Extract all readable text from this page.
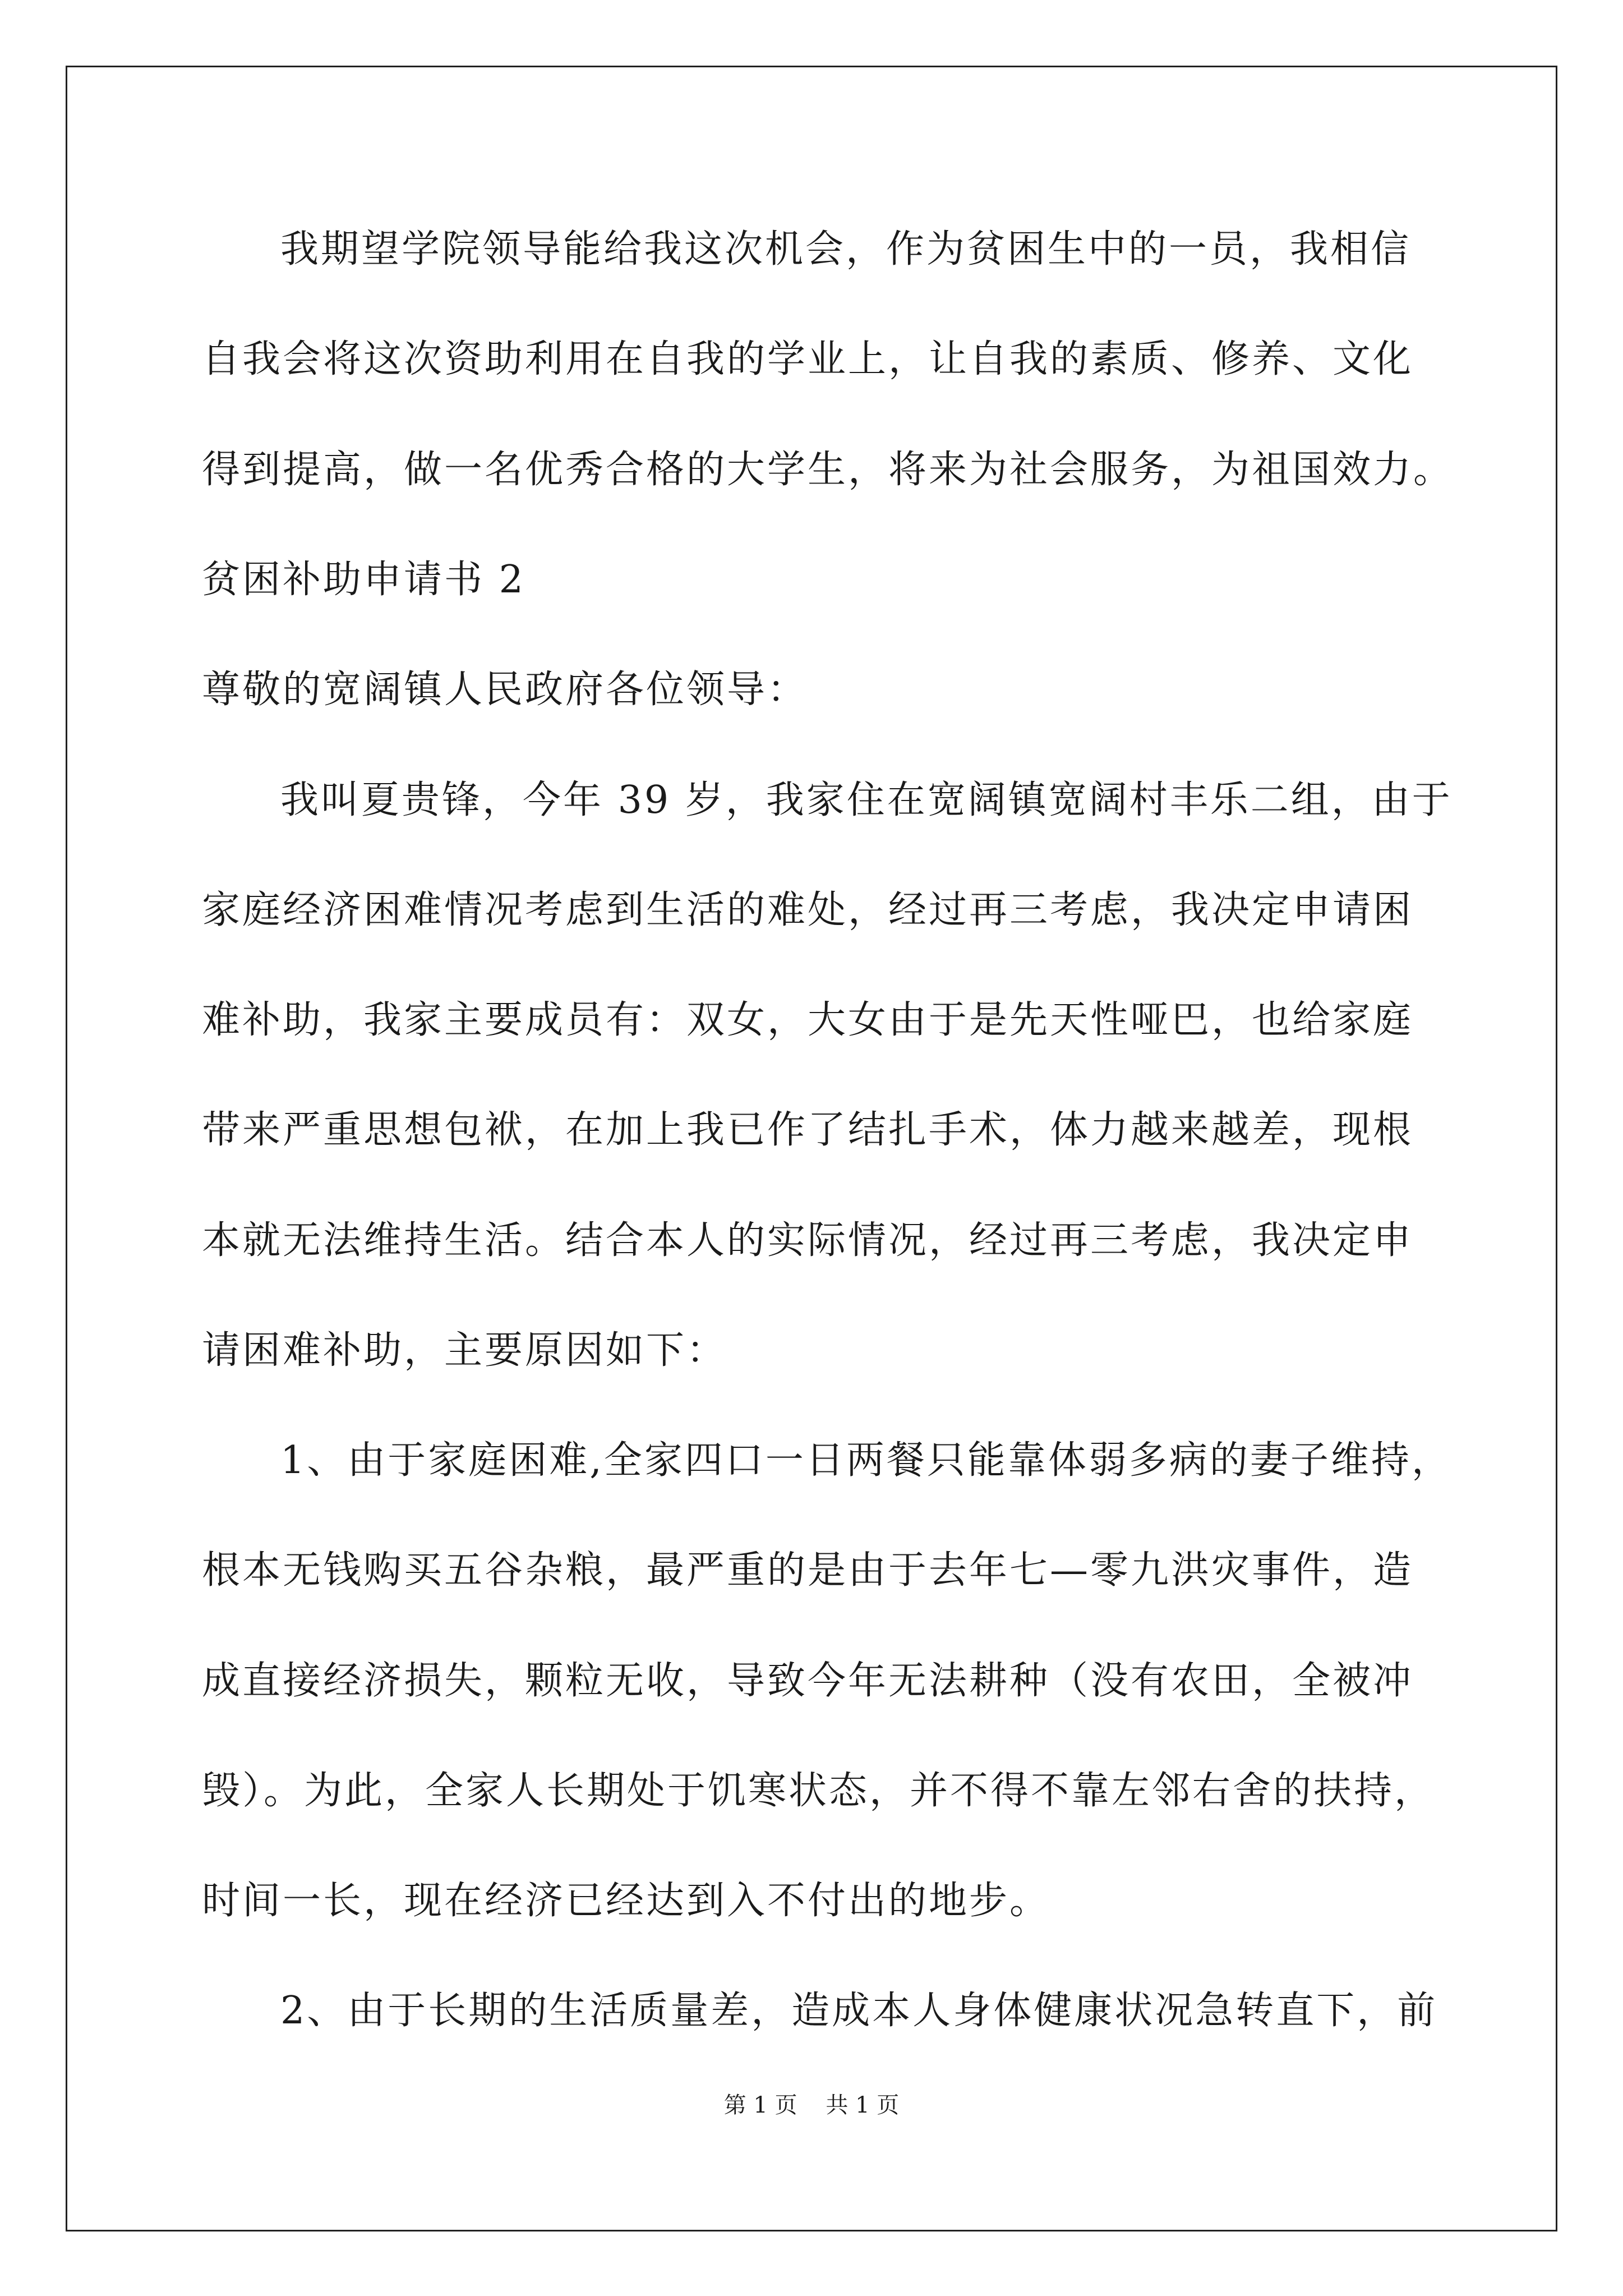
我期望学院领导能给我这次机会，作为贫困生中的一员，我相信
自我会将这次资助利用在自我的学业上，让自我的素质、修养、文化
得到提高，做一名优秀合格的大学生，将来为社会服务，为祖国效力。
贫困补助申请书 2
尊敬的宽阔镇人民政府各位领导：
我叫夏贵锋，今年 39 岁，我家住在宽阔镇宽阔村丰乐二组，由于
家庭经济困难情况考虑到生活的难处，经过再三考虑，我决定申请困
难补助，我家主要成员有：双女，大女由于是先天性哑巴，也给家庭
带来严重思想包袱，在加上我已作了结扎手术，体力越来越差，现根
本就无法维持生活。结合本人的实际情况，经过再三考虑，我决定申
请困难补助，主要原因如下：
1、由于家庭困难,全家四口一日两餐只能靠体弱多病的妻子维持，
根本无钱购买五谷杂粮，最严重的是由于去年七—零九洪灾事件，造
成直接经济损失，颗粒无收，导致今年无法耕种（没有农田，全被冲
毁）。为此，全家人长期处于饥寒状态，并不得不靠左邻右舍的扶持，
时间一长，现在经济已经达到入不付出的地步。
2、由于长期的生活质量差，造成本人身体健康状况急转直下，前
第 1 页    共 1 页
